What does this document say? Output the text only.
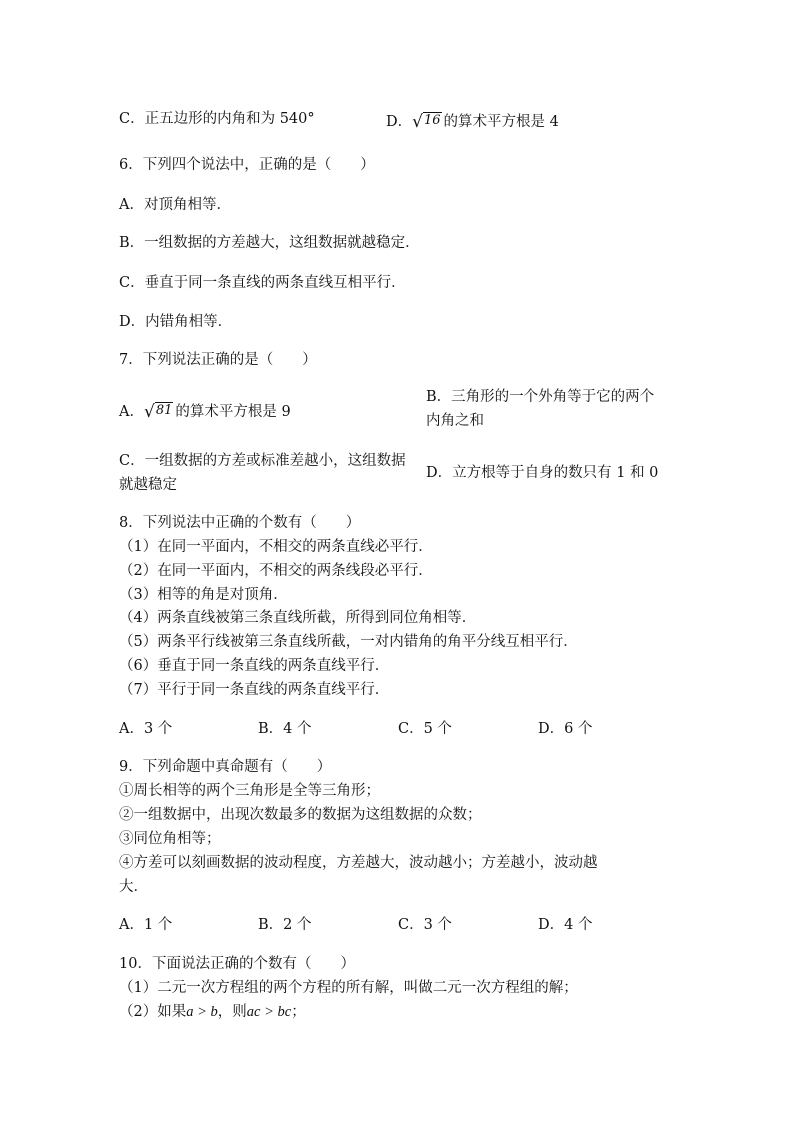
C．正五边形的内角和为 540°	D．√16 的算术平方根是 4
6．下列四个说法中，正确的是（　　）
A．对顶角相等．
B．一组数据的方差越大，这组数据就越稳定．
C．垂直于同一条直线的两条直线互相平行．
D．内错角相等．
7．下列说法正确的是（　　）
A．√81 的算术平方根是 9
B．三角形的一个外角等于它的两个
内角之和
C．一组数据的方差或标准差越小，这组数据
就越稳定
D．立方根等于自身的数只有 1 和 0
8．下列说法中正确的个数有（　　）
（1）在同一平面内，不相交的两条直线必平行．
（2）在同一平面内，不相交的两条线段必平行．
（3）相等的角是对顶角．
（4）两条直线被第三条直线所截，所得到同位角相等．
（5）两条平行线被第三条直线所截，一对内错角的角平分线互相平行．
（6）垂直于同一条直线的两条直线平行．
（7）平行于同一条直线的两条直线平行．
A．3 个	B．4 个	C．5 个	D．6 个
9．下列命题中真命题有（　　）
①周长相等的两个三角形是全等三角形；
②一组数据中，出现次数最多的数据为这组数据的众数；
③同位角相等；
④方差可以刻画数据的波动程度，方差越大，波动越小；方差越小，波动越
大．
A．1 个	B．2 个	C．3 个	D．4 个
10．下面说法正确的个数有（　　）
（1）二元一次方程组的两个方程的所有解，叫做二元一次方程组的解；
（2）如果a > b，则ac > bc；
